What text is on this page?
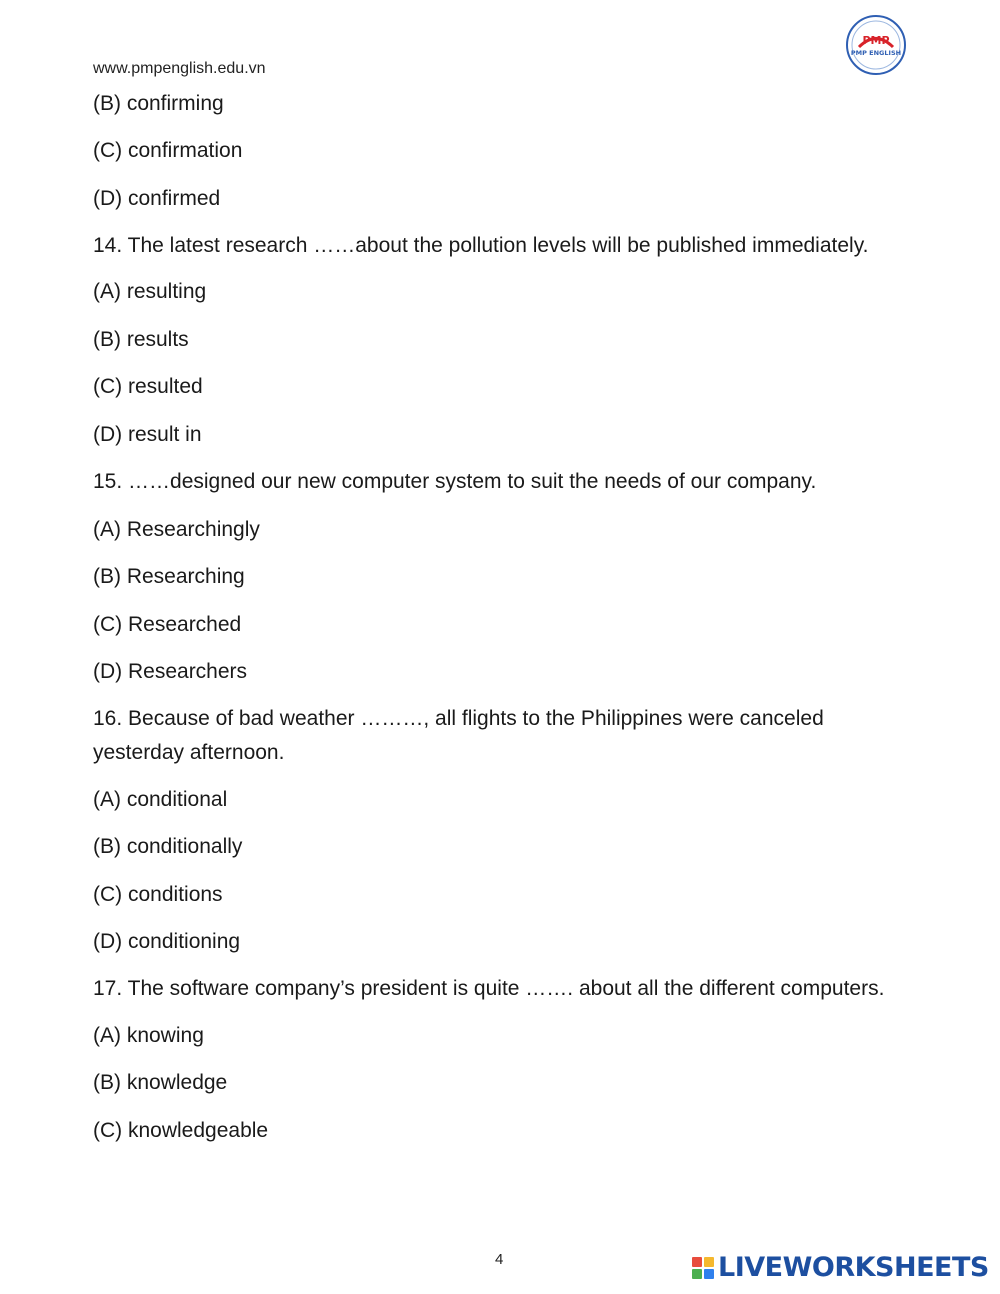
www.pmpenglish.edu.vn
PMP
PMP ENGLISH
(B) confirming
(C) confirmation
(D) confirmed
14. The latest research ……about the pollution levels will be published immediately.
(A) resulting
(B) results
(C) resulted
(D) result in
15. ……designed our new computer system to suit the needs of our company.
(A) Researchingly
(B) Researching
(C) Researched
(D) Researchers
16. Because of bad weather ………, all flights to the Philippines were canceled yesterday afternoon.
(A) conditional
(B) conditionally
(C) conditions
(D) conditioning
17. The software company’s president is quite ……. about all the different computers.
(A) knowing
(B) knowledge
(C) knowledgeable
4	LIVEWORKSHEETS
